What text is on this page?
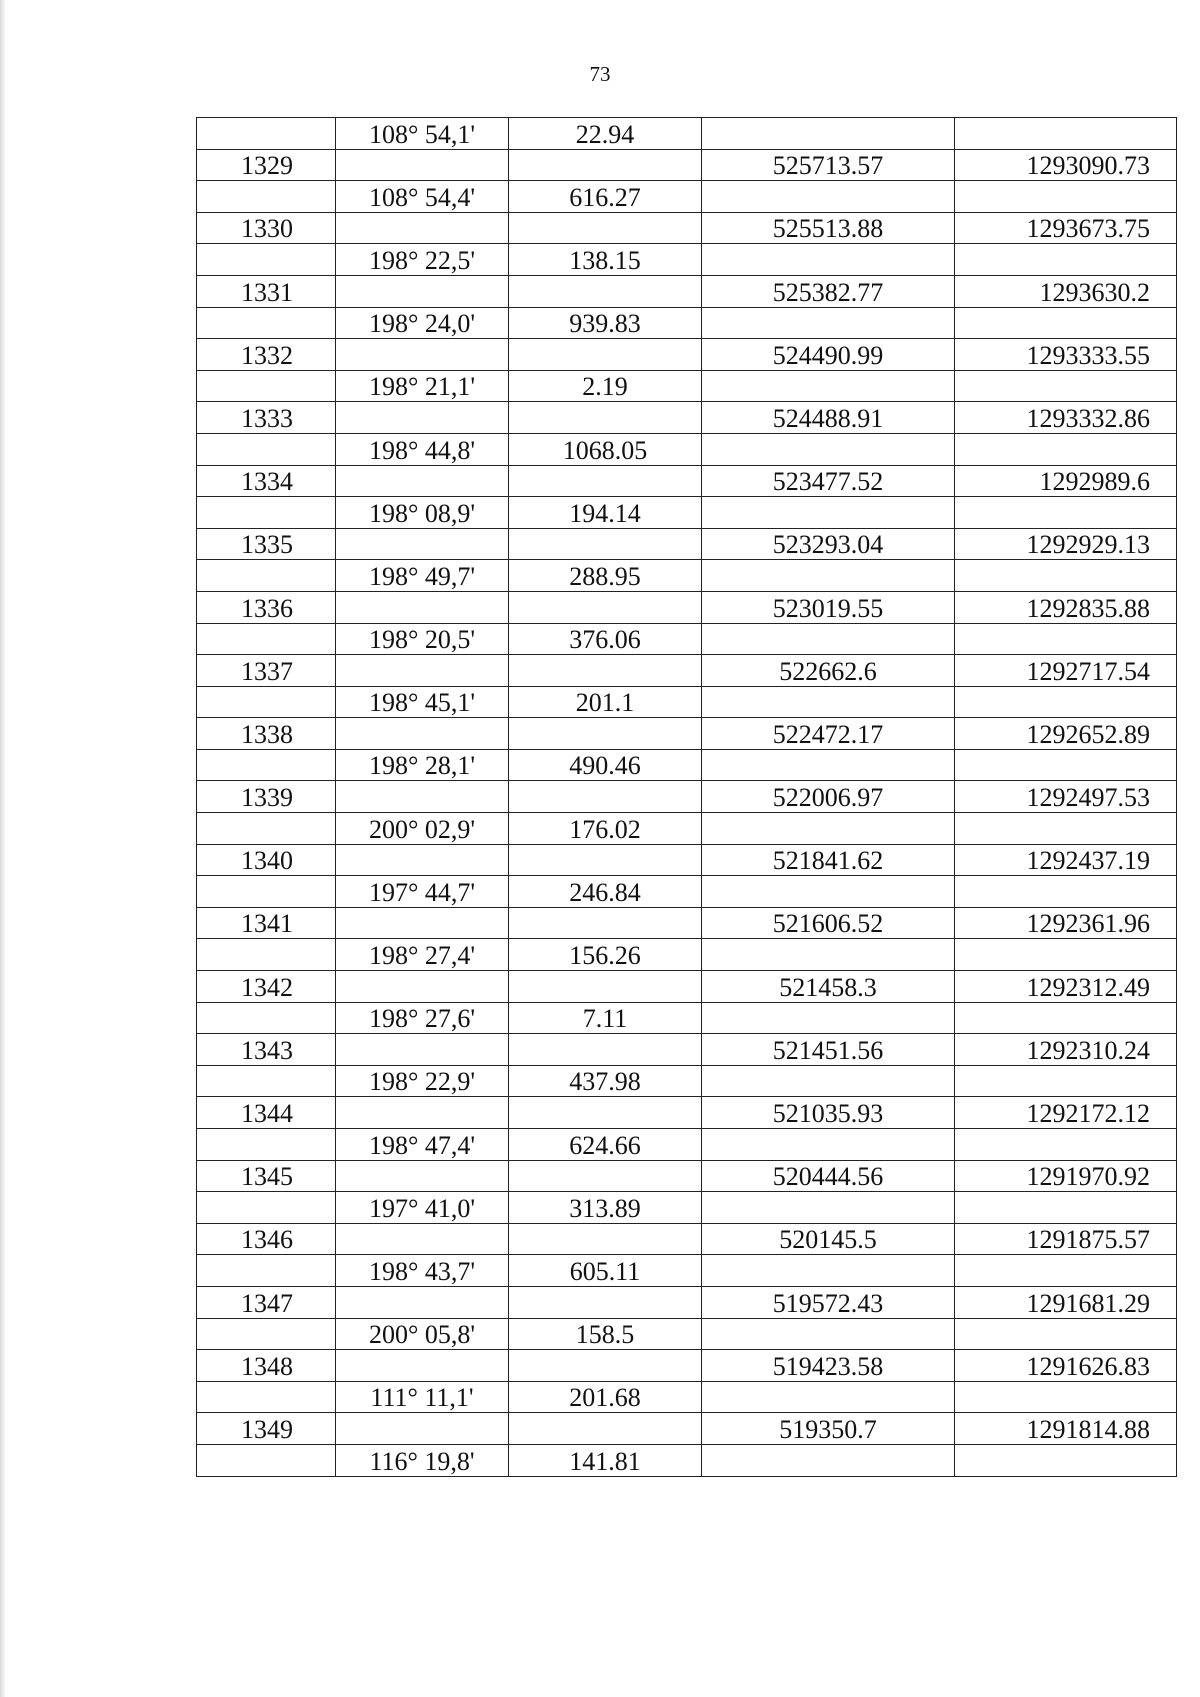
73
	108° 54,1'	22.94		
1329			525713.57	1293090.73
	108° 54,4'	616.27		
1330			525513.88	1293673.75
	198° 22,5'	138.15		
1331			525382.77	1293630.2
	198° 24,0'	939.83		
1332			524490.99	1293333.55
	198° 21,1'	2.19		
1333			524488.91	1293332.86
	198° 44,8'	1068.05		
1334			523477.52	1292989.6
	198° 08,9'	194.14		
1335			523293.04	1292929.13
	198° 49,7'	288.95		
1336			523019.55	1292835.88
	198° 20,5'	376.06		
1337			522662.6	1292717.54
	198° 45,1'	201.1		
1338			522472.17	1292652.89
	198° 28,1'	490.46		
1339			522006.97	1292497.53
	200° 02,9'	176.02		
1340			521841.62	1292437.19
	197° 44,7'	246.84		
1341			521606.52	1292361.96
	198° 27,4'	156.26		
1342			521458.3	1292312.49
	198° 27,6'	7.11		
1343			521451.56	1292310.24
	198° 22,9'	437.98		
1344			521035.93	1292172.12
	198° 47,4'	624.66		
1345			520444.56	1291970.92
	197° 41,0'	313.89		
1346			520145.5	1291875.57
	198° 43,7'	605.11		
1347			519572.43	1291681.29
	200° 05,8'	158.5		
1348			519423.58	1291626.83
	111° 11,1'	201.68		
1349			519350.7	1291814.88
	116° 19,8'	141.81		
